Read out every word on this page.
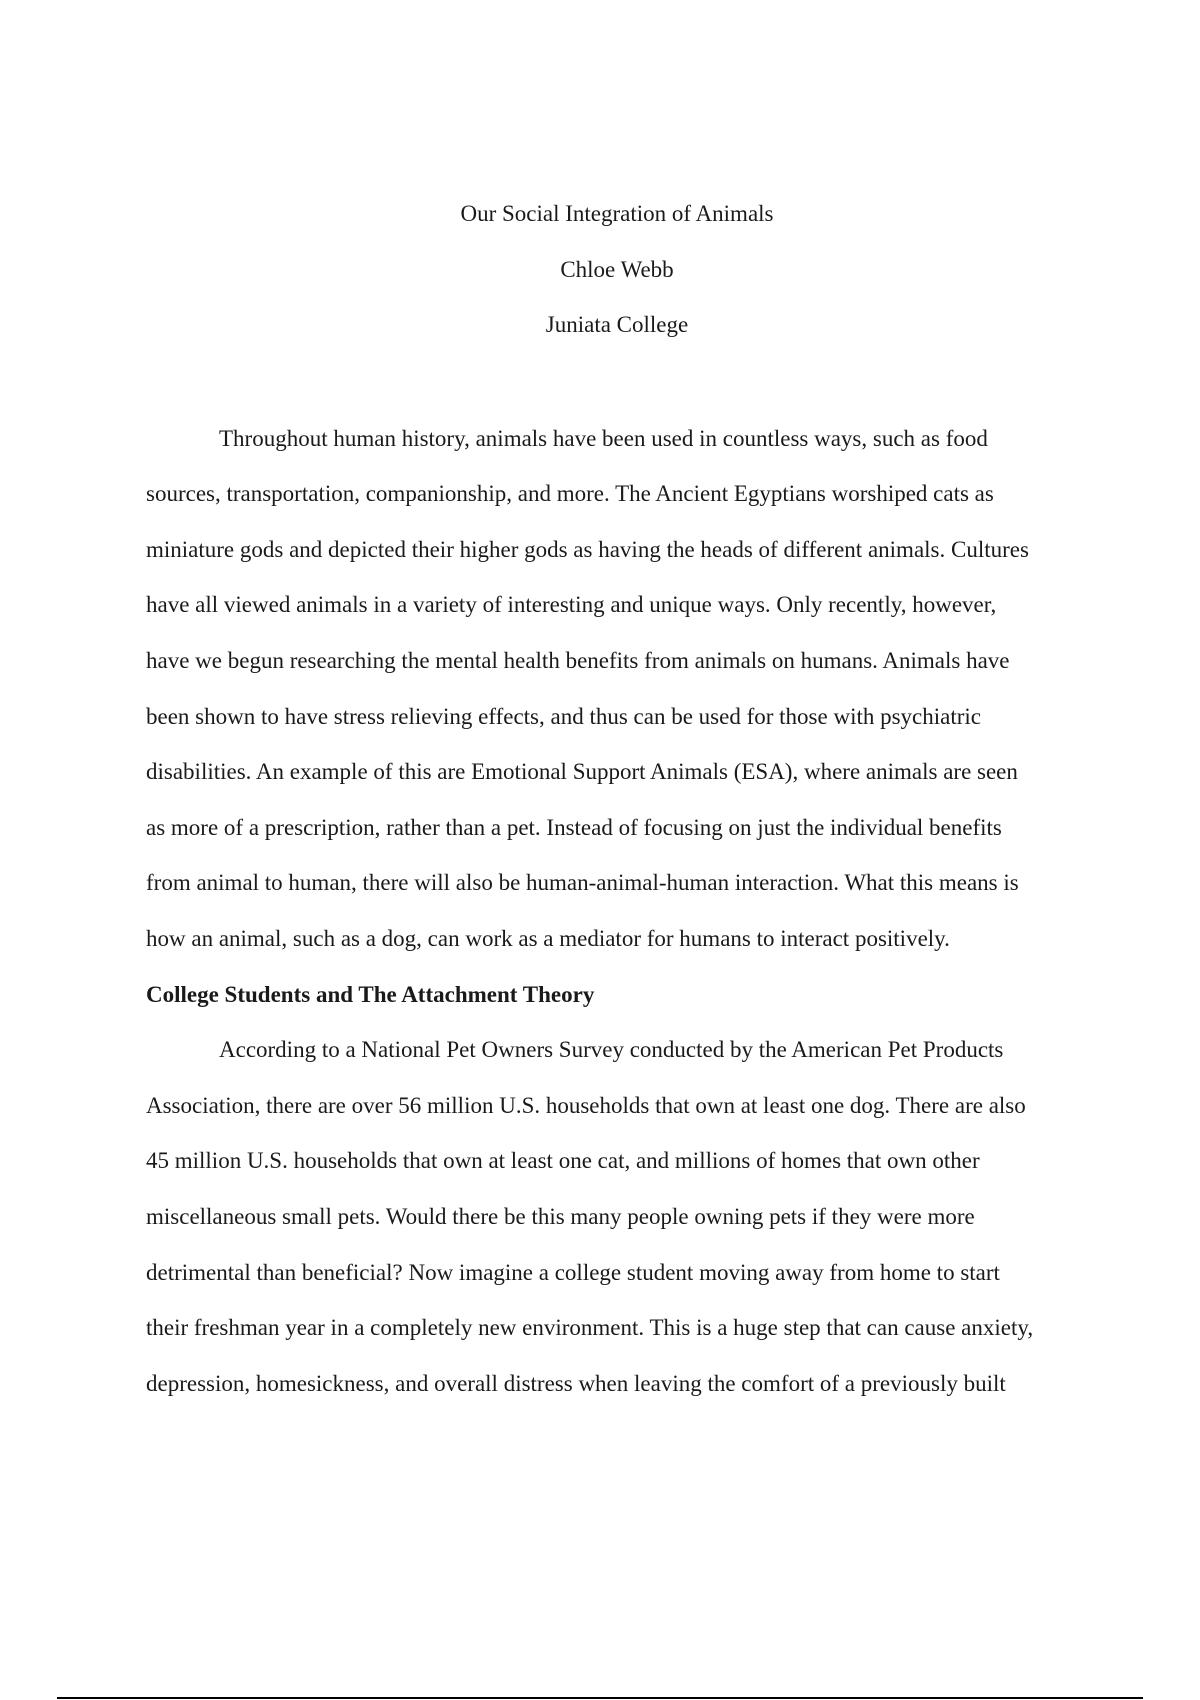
Our Social Integration of Animals
Chloe Webb
Juniata College
Throughout human history, animals have been used in countless ways, such as food
sources, transportation, companionship, and more. The Ancient Egyptians worshiped cats as
miniature gods and depicted their higher gods as having the heads of different animals. Cultures
have all viewed animals in a variety of interesting and unique ways. Only recently, however,
have we begun researching the mental health benefits from animals on humans. Animals have
been shown to have stress relieving effects, and thus can be used for those with psychiatric
disabilities. An example of this are Emotional Support Animals (ESA), where animals are seen
as more of a prescription, rather than a pet. Instead of focusing on just the individual benefits
from animal to human, there will also be human-animal-human interaction. What this means is
how an animal, such as a dog, can work as a mediator for humans to interact positively.
College Students and The Attachment Theory
According to a National Pet Owners Survey conducted by the American Pet Products
Association, there are over 56 million U.S. households that own at least one dog. There are also
45 million U.S. households that own at least one cat, and millions of homes that own other
miscellaneous small pets. Would there be this many people owning pets if they were more
detrimental than beneficial? Now imagine a college student moving away from home to start
their freshman year in a completely new environment. This is a huge step that can cause anxiety,
depression, homesickness, and overall distress when leaving the comfort of a previously built
